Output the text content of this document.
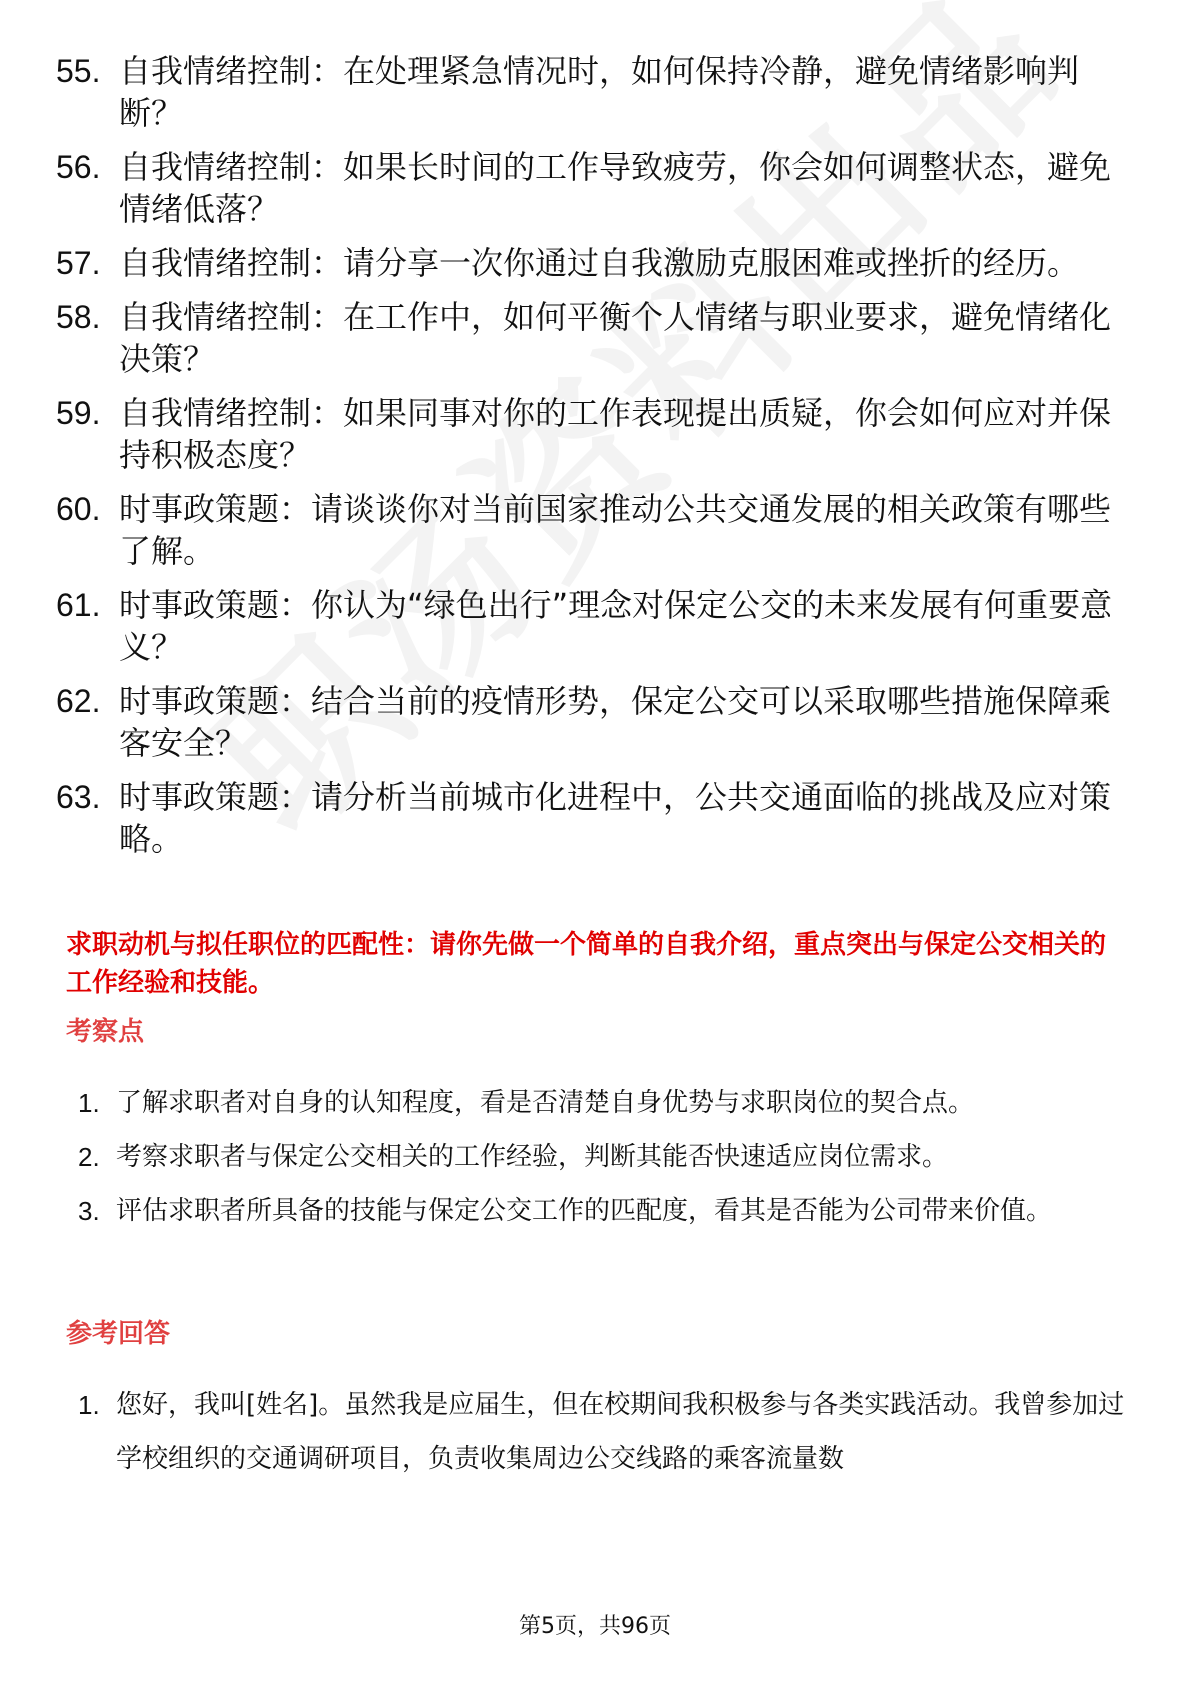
55. 自我情绪控制：在处理紧急情况时，如何保持冷静，避免情绪影响判断？
56. 自我情绪控制：如果长时间的工作导致疲劳，你会如何调整状态，避免情绪低落？
57. 自我情绪控制：请分享一次你通过自我激励克服困难或挫折的经历。
58. 自我情绪控制：在工作中，如何平衡个人情绪与职业要求，避免情绪化决策？
59. 自我情绪控制：如果同事对你的工作表现提出质疑，你会如何应对并保持积极态度？
60. 时事政策题：请谈谈你对当前国家推动公共交通发展的相关政策有哪些了解。
61. 时事政策题：你认为“绿色出行”理念对保定公交的未来发展有何重要意义？
62. 时事政策题：结合当前的疫情形势，保定公交可以采取哪些措施保障乘客安全？
63. 时事政策题：请分析当前城市化进程中，公共交通面临的挑战及应对策略。
求职动机与拟任职位的匹配性：请你先做一个简单的自我介绍，重点突出与保定公交相关的工作经验和技能。
考察点
1. 了解求职者对自身的认知程度，看是否清楚自身优势与求职岗位的契合点。
2. 考察求职者与保定公交相关的工作经验，判断其能否快速适应岗位需求。
3. 评估求职者所具备的技能与保定公交工作的匹配度，看其是否能为公司带来价值。
参考回答
1. 您好，我叫[姓名]。虽然我是应届生，但在校期间我积极参与各类实践活动。我曾参加过学校组织的交通调研项目，负责收集周边公交线路的乘客流量数
第5页，共96页
